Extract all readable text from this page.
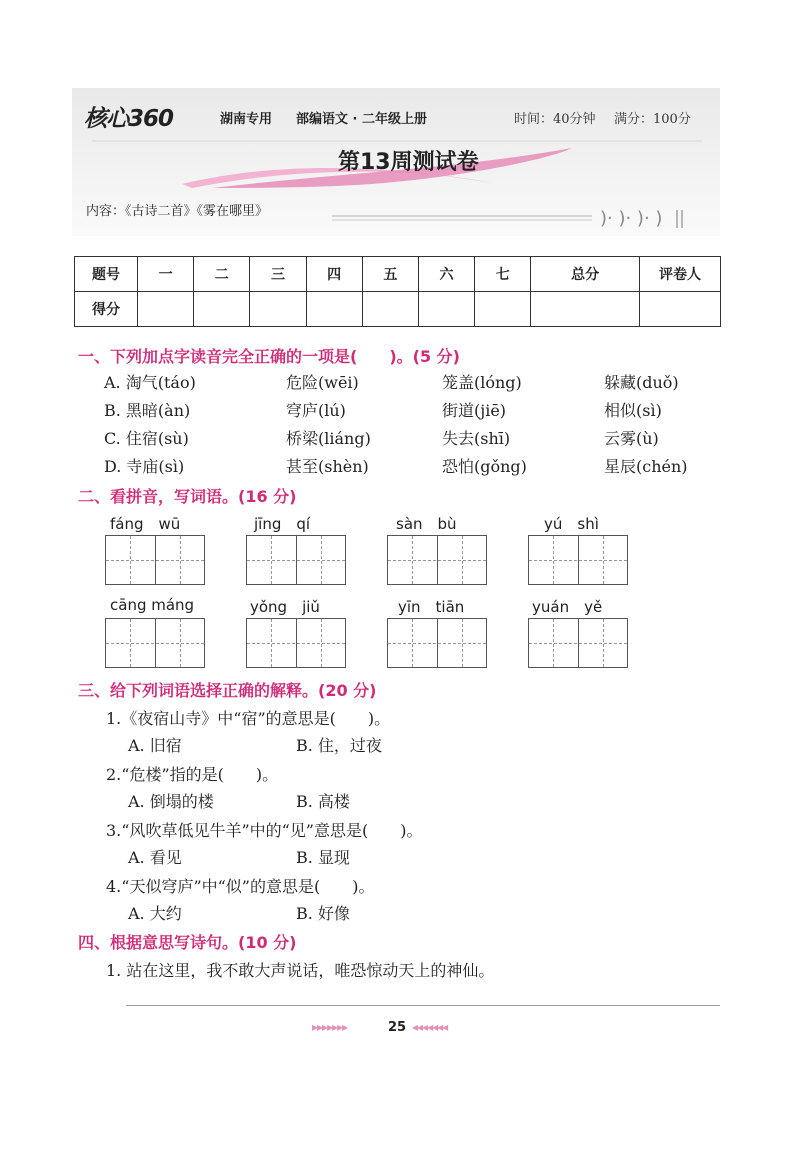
)· )· )· )
核心360	湖南专用 部编语文 · 二年级上册	时间：40分钟 满分：100分
第13周测试卷
内容：《古诗二首》《雾在哪里》
题号	一	二	三	四	五	六	七	总分	评卷人
得分									
一、下列加点字读音完全正确的一项是(　　)。(5 分)
A. 淘气(táo)	危险(wēi)	笼盖(lóng)	躲藏(duǒ)
B. 黑暗(àn)	穹庐(lú)	街道(jiē)	相似(sì)
C. 住宿(sù)	桥梁(liáng)	失去(shī)	云雾(ù)
D. 寺庙(sì)	甚至(shèn)	恐怕(gǒng)	星辰(chén)
二、看拼音，写词语。(16 分)
fáng　wū	jīng　qí	sàn　bù	yú　shì
cāng máng	yǒng　jiǔ	yīn　tiān	yuán　yě
三、给下列词语选择正确的解释。(20 分)
1.《夜宿山寺》中“宿”的意思是(　　)。
A. 旧宿	B. 住，过夜
2.“危楼”指的是(　　)。
A. 倒塌的楼	B. 高楼
3.“风吹草低见牛羊”中的“见”意思是(　　)。
A. 看见	B. 显现
4.“天似穹庐”中“似”的意思是(　　)。
A. 大约	B. 好像
四、根据意思写诗句。(10 分)
1. 站在这里，我不敢大声说话，唯恐惊动天上的神仙。
▸▸▸▸▸▸▸	25 ◂◂◂◂◂◂◂
